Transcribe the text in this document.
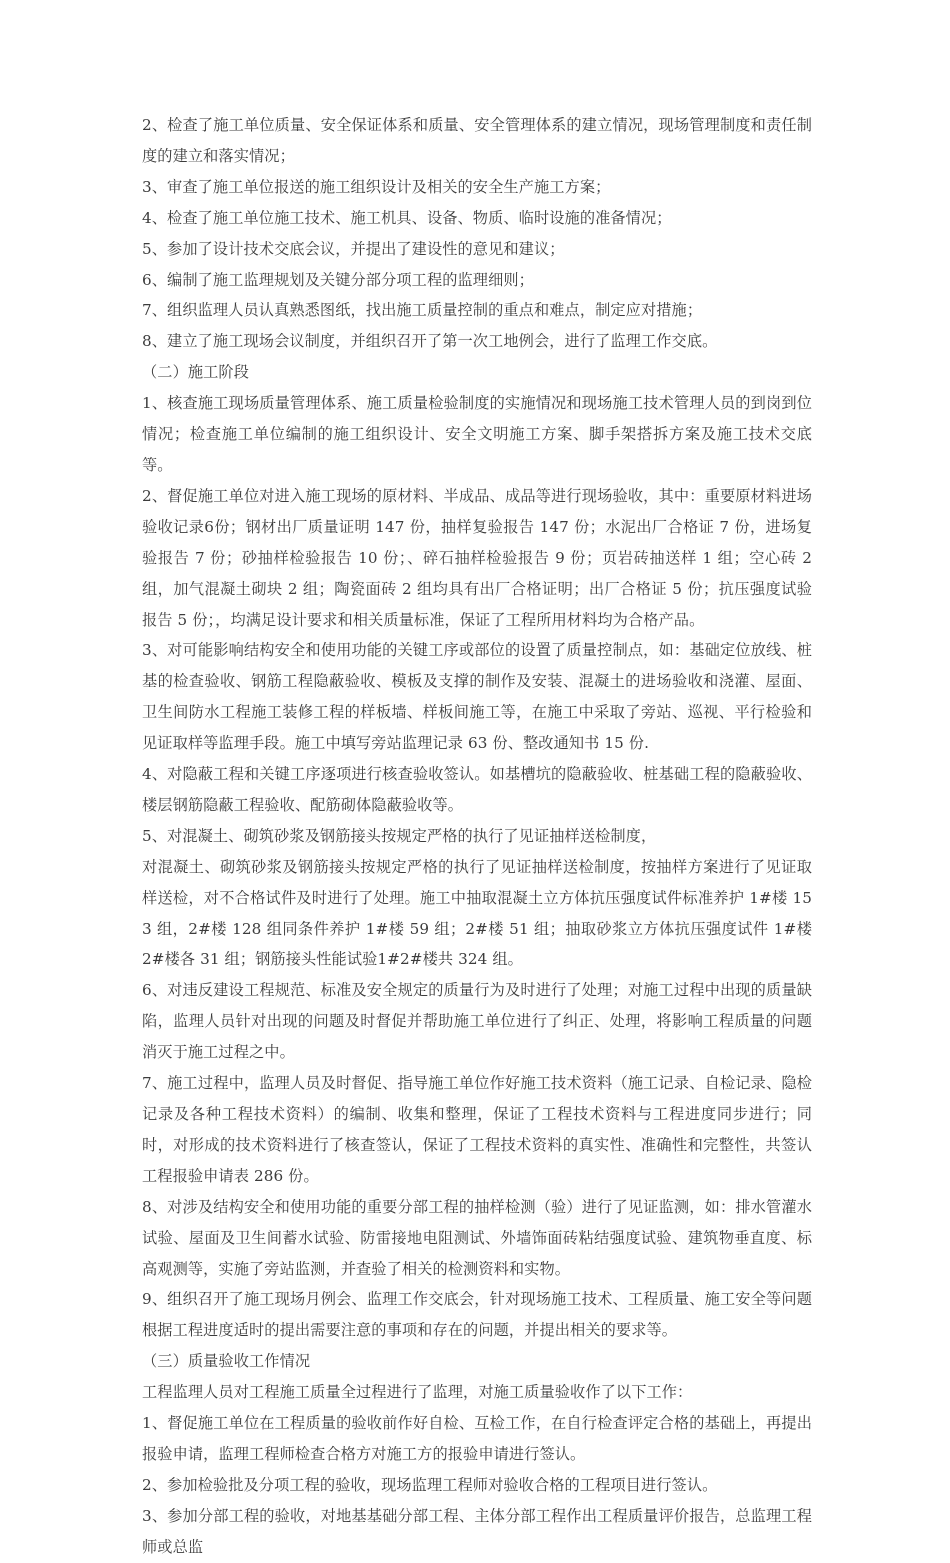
2、检查了施工单位质量、安全保证体系和质量、安全管理体系的建立情况，现场管理制度和责任制度的建立和落实情况；

3、审查了施工单位报送的施工组织设计及相关的安全生产施工方案；

4、检查了施工单位施工技术、施工机具、设备、物质、临时设施的准备情况；

5、参加了设计技术交底会议，并提出了建设性的意见和建议；

6、编制了施工监理规划及关键分部分项工程的监理细则；

7、组织监理人员认真熟悉图纸，找出施工质量控制的重点和难点，制定应对措施；

8、建立了施工现场会议制度，并组织召开了第一次工地例会，进行了监理工作交底。

（二）施工阶段

1、核查施工现场质量管理体系、施工质量检验制度的实施情况和现场施工技术管理人员的到岗到位情况；检查施工单位编制的施工组织设计、安全文明施工方案、脚手架搭拆方案及施工技术交底等。

2、督促施工单位对进入施工现场的原材料、半成品、成品等进行现场验收，其中：重要原材料进场验收记录6份；钢材出厂质量证明 147 份，抽样复验报告 147 份；水泥出厂合格证 7 份，进场复验报告 7 份；砂抽样检验报告 10 份；、碎石抽样检验报告 9 份；页岩砖抽送样 1 组；空心砖 2 组，加气混凝土砌块 2 组；陶瓷面砖 2 组均具有出厂合格证明；出厂合格证 5 份；抗压强度试验报告 5 份；，均满足设计要求和相关质量标准，保证了工程所用材料均为合格产品。

3、对可能影响结构安全和使用功能的关键工序或部位的设置了质量控制点，如：基础定位放线、桩基的检查验收、钢筋工程隐蔽验收、模板及支撑的制作及安装、混凝土的进场验收和浇灌、屋面、卫生间防水工程施工装修工程的样板墙、样板间施工等，在施工中采取了旁站、巡视、平行检验和见证取样等监理手段。施工中填写旁站监理记录 63 份、整改通知书 15 份.

4、对隐蔽工程和关键工序逐项进行核查验收签认。如基槽坑的隐蔽验收、桩基础工程的隐蔽验收、楼层钢筋隐蔽工程验收、配筋砌体隐蔽验收等。

5、对混凝土、砌筑砂浆及钢筋接头按规定严格的执行了见证抽样送检制度，

对混凝土、砌筑砂浆及钢筋接头按规定严格的执行了见证抽样送检制度，按抽样方案进行了见证取样送检，对不合格试件及时进行了处理。施工中抽取混凝土立方体抗压强度试件标准养护 1#楼 153 组，2#楼 128 组同条件养护 1#楼 59 组；2#楼 51 组；抽取砂浆立方体抗压强度试件 1#楼 2#楼各 31 组；钢筋接头性能试验1#2#楼共 324 组。

6、对违反建设工程规范、标准及安全规定的质量行为及时进行了处理；对施工过程中出现的质量缺陷，监理人员针对出现的问题及时督促并帮助施工单位进行了纠正、处理，将影响工程质量的问题消灭于施工过程之中。

7、施工过程中，监理人员及时督促、指导施工单位作好施工技术资料（施工记录、自检记录、隐检记录及各种工程技术资料）的编制、收集和整理，保证了工程技术资料与工程进度同步进行；同时，对形成的技术资料进行了核查签认，保证了工程技术资料的真实性、准确性和完整性，共签认工程报验申请表 286 份。

8、对涉及结构安全和使用功能的重要分部工程的抽样检测（验）进行了见证监测，如：排水管灌水试验、屋面及卫生间蓄水试验、防雷接地电阻测试、外墙饰面砖粘结强度试验、建筑物垂直度、标高观测等，实施了旁站监测，并查验了相关的检测资料和实物。

9、组织召开了施工现场月例会、监理工作交底会，针对现场施工技术、工程质量、施工安全等问题根据工程进度适时的提出需要注意的事项和存在的问题，并提出相关的要求等。

（三）质量验收工作情况

工程监理人员对工程施工质量全过程进行了监理，对施工质量验收作了以下工作：

1、督促施工单位在工程质量的验收前作好自检、互检工作，在自行检查评定合格的基础上，再提出报验申请，监理工程师检查合格方对施工方的报验申请进行签认。

2、参加检验批及分项工程的验收，现场监理工程师对验收合格的工程项目进行签认。

3、参加分部工程的验收，对地基基础分部工程、主体分部工程作出工程质量评价报告，总监理工程师或总监
